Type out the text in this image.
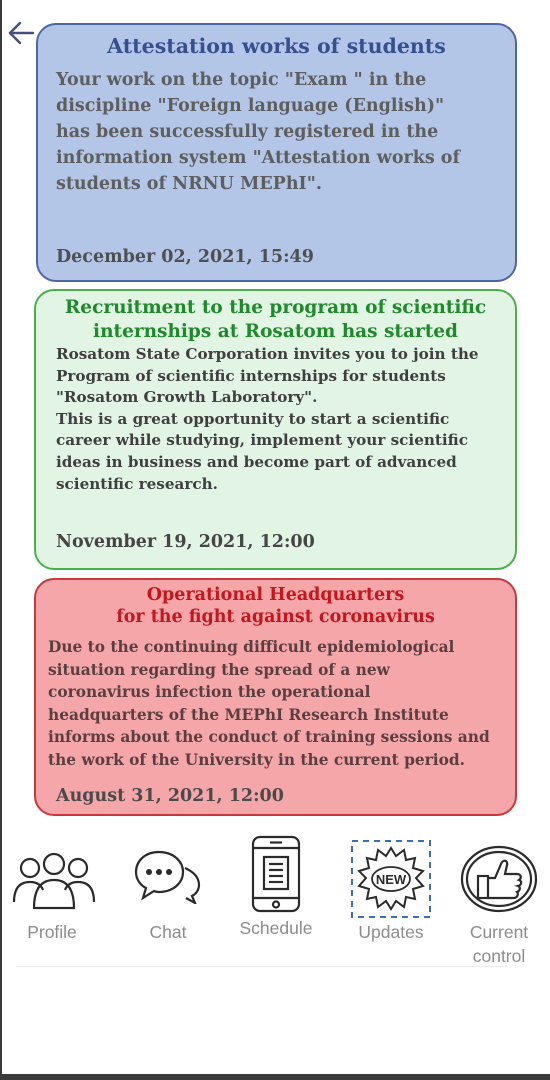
Attestation works of students
Your work on the topic "Exam " in the
discipline "Foreign language (English)"
has been successfully registered in the
information system "Attestation works of
students of NRNU MEPhI".
December 02, 2021, 15:49
Recruitment to the program of scientific
internships at Rosatom has started
Rosatom State Corporation invites you to join the
Program of scientific internships for students
"Rosatom Growth Laboratory".
This is a great opportunity to start a scientific
career while studying, implement your scientific
ideas in business and become part of advanced
scientific research.
November 19, 2021, 12:00
Operational Headquarters
for the fight against coronavirus
Due to the continuing difficult epidemiological
situation regarding the spread of a new
coronavirus infection the operational
headquarters of the MEPhI Research Institute
informs about the conduct of training sessions and
the work of the University in the current period.
August 31, 2021, 12:00
Profile	Chat	Schedule
NEW
Updates	Current
control
